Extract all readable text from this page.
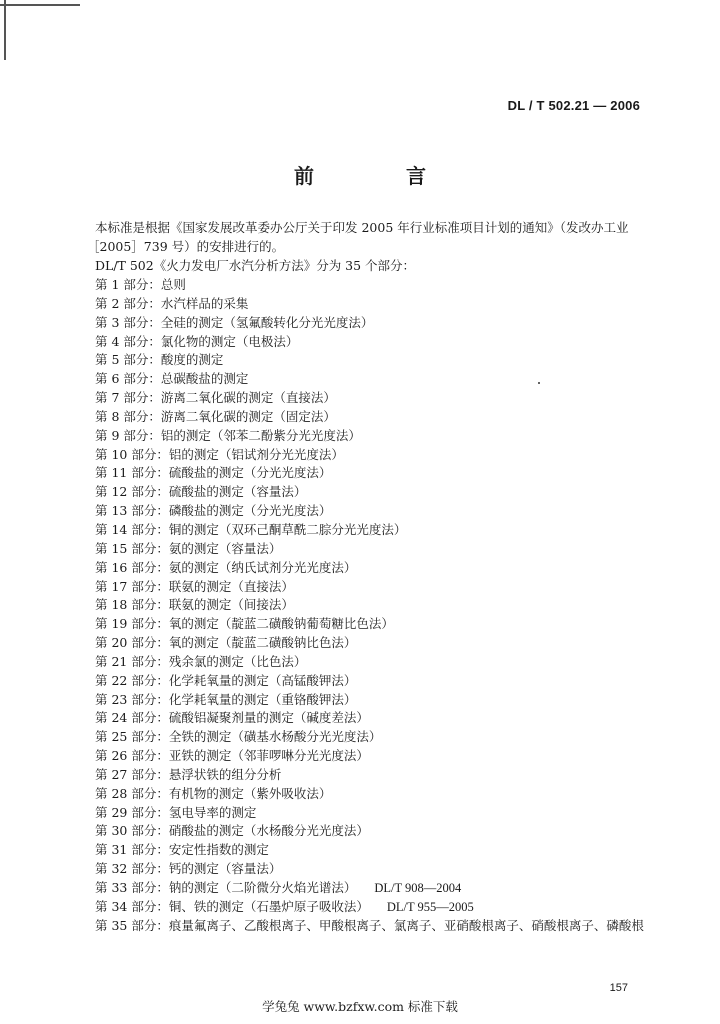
DL / T 502.21 — 2006
前　言

本标准是根据《国家发展改革委办公厅关于印发 2005 年行业标准项目计划的通知》（发改办工业

［2005］739 号）的安排进行的。

DL/T 502《火力发电厂水汽分析方法》分为 35 个部分：

第 1 部分：总则
第 2 部分：水汽样品的采集
第 3 部分：全硅的测定（氢氟酸转化分光光度法）
第 4 部分：氯化物的测定（电极法）
第 5 部分：酸度的测定
第 6 部分：总碳酸盐的测定
第 7 部分：游离二氧化碳的测定（直接法）
第 8 部分：游离二氧化碳的测定（固定法）
第 9 部分：铝的测定（邻苯二酚紫分光光度法）
第 10 部分：铝的测定（铝试剂分光光度法）
第 11 部分：硫酸盐的测定（分光光度法）
第 12 部分：硫酸盐的测定（容量法）
第 13 部分：磷酸盐的测定（分光光度法）
第 14 部分：铜的测定（双环己酮草酰二腙分光光度法）
第 15 部分：氨的测定（容量法）
第 16 部分：氨的测定（纳氏试剂分光光度法）
第 17 部分：联氨的测定（直接法）
第 18 部分：联氨的测定（间接法）
第 19 部分：氧的测定（靛蓝二磺酸钠葡萄糖比色法）
第 20 部分：氧的测定（靛蓝二磺酸钠比色法）
第 21 部分：残余氯的测定（比色法）
第 22 部分：化学耗氧量的测定（高锰酸钾法）
第 23 部分：化学耗氧量的测定（重铬酸钾法）
第 24 部分：硫酸铝凝聚剂量的测定（碱度差法）
第 25 部分：全铁的测定（磺基水杨酸分光光度法）
第 26 部分：亚铁的测定（邻菲啰啉分光光度法）
第 27 部分：悬浮状铁的组分分析
第 28 部分：有机物的测定（紫外吸收法）
第 29 部分：氢电导率的测定
第 30 部分：硝酸盐的测定（水杨酸分光光度法）
第 31 部分：安定性指数的测定
第 32 部分：钙的测定（容量法）
第 33 部分：钠的测定（二阶微分火焰光谱法） DL/T 908—2004
第 34 部分：铜、铁的测定（石墨炉原子吸收法） DL/T 955—2005
第 35 部分：痕量氟离子、乙酸根离子、甲酸根离子、氯离子、亚硝酸根离子、硝酸根离子、磷酸根
157
学兔兔 www.bzfxw.com 标准下载
